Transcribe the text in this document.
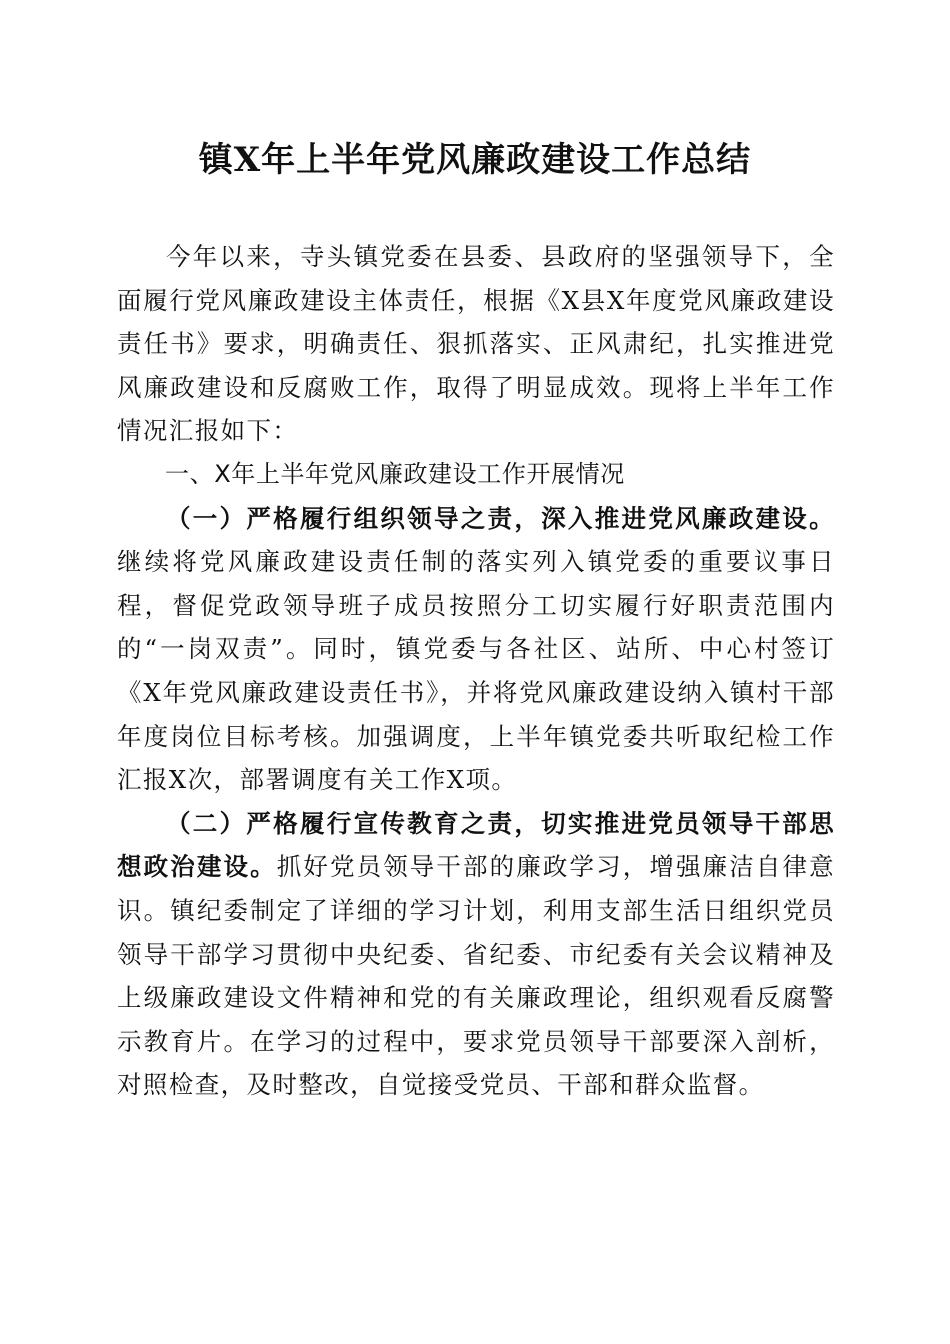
镇X年上半年党风廉政建设工作总结

今年以来，寺头镇党委在县委、县政府的坚强领导下，全面履行党风廉政建设主体责任，根据《X县X年度党风廉政建设责任书》要求，明确责任、狠抓落实、正风肃纪，扎实推进党风廉政建设和反腐败工作，取得了明显成效。现将上半年工作情况汇报如下：

一、X年上半年党风廉政建设工作开展情况

（一）严格履行组织领导之责，深入推进党风廉政建设。继续将党风廉政建设责任制的落实列入镇党委的重要议事日程，督促党政领导班子成员按照分工切实履行好职责范围内的“一岗双责”。同时，镇党委与各社区、站所、中心村签订《X年党风廉政建设责任书》，并将党风廉政建设纳入镇村干部年度岗位目标考核。加强调度，上半年镇党委共听取纪检工作汇报X次，部署调度有关工作X项。

（二）严格履行宣传教育之责，切实推进党员领导干部思想政治建设。抓好党员领导干部的廉政学习，增强廉洁自律意识。镇纪委制定了详细的学习计划，利用支部生活日组织党员领导干部学习贯彻中央纪委、省纪委、市纪委有关会议精神及上级廉政建设文件精神和党的有关廉政理论，组织观看反腐警示教育片。在学习的过程中，要求党员领导干部要深入剖析，对照检查，及时整改，自觉接受党员、干部和群众监督。
